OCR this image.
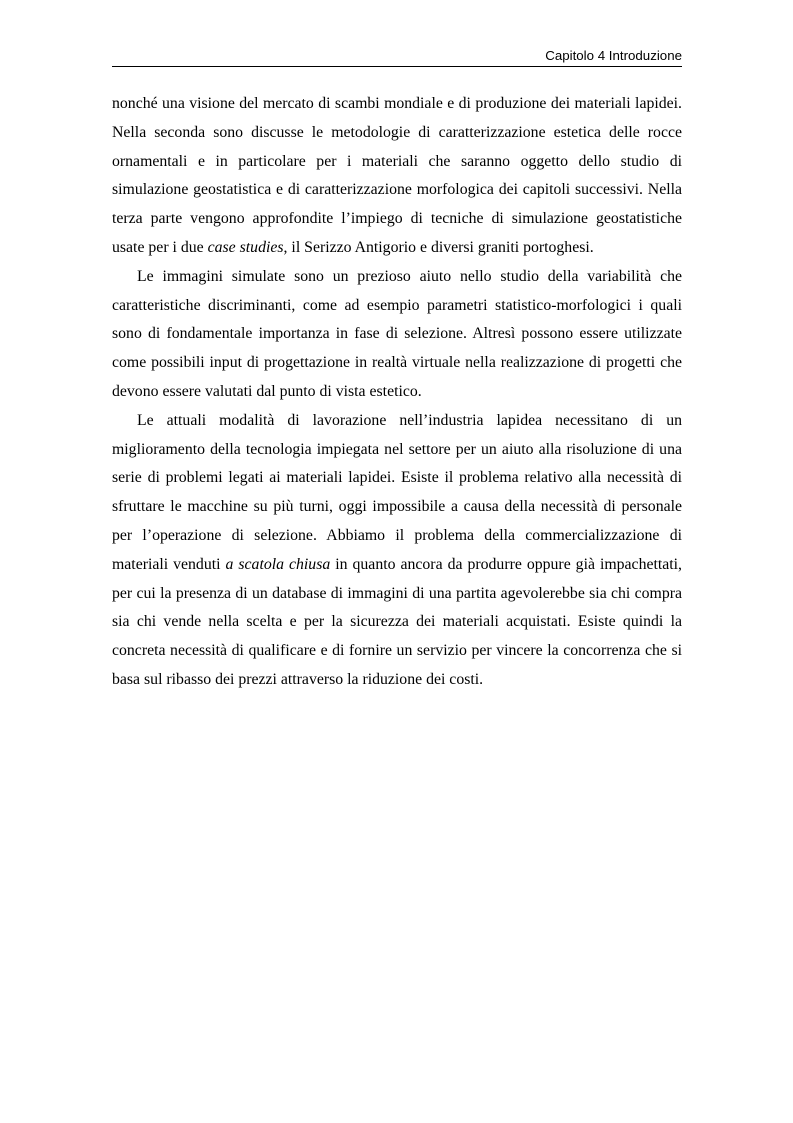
Capitolo 4 Introduzione

nonché una visione del mercato di scambi mondiale e di produzione dei materiali lapidei. Nella seconda sono discusse le metodologie di caratterizzazione estetica delle rocce ornamentali e in particolare per i materiali che saranno oggetto dello studio di simulazione geostatistica e di caratterizzazione morfologica dei capitoli successivi. Nella terza parte vengono approfondite l’impiego di tecniche di simulazione geostatistiche usate per i due case studies, il Serizzo Antigorio e diversi graniti portoghesi.

Le immagini simulate sono un prezioso aiuto nello studio della variabilità che caratteristiche discriminanti, come ad esempio parametri statistico-morfologici i quali sono di fondamentale importanza in fase di selezione. Altresì possono essere utilizzate come possibili input di progettazione in realtà virtuale nella realizzazione di progetti che devono essere valutati dal punto di vista estetico.

Le attuali modalità di lavorazione nell’industria lapidea necessitano di un miglioramento della tecnologia impiegata nel settore per un aiuto alla risoluzione di una serie di problemi legati ai materiali lapidei. Esiste il problema relativo alla necessità di sfruttare le macchine su più turni, oggi impossibile a causa della necessità di personale per l’operazione di selezione. Abbiamo il problema della commercializzazione di materiali venduti a scatola chiusa in quanto ancora da produrre oppure già impachettati, per cui la presenza di un database di immagini di una partita agevolerebbe sia chi compra sia chi vende nella scelta e per la sicurezza dei materiali acquistati. Esiste quindi la concreta necessità di qualificare e di fornire un servizio per vincere la concorrenza che si basa sul ribasso dei prezzi attraverso la riduzione dei costi.
